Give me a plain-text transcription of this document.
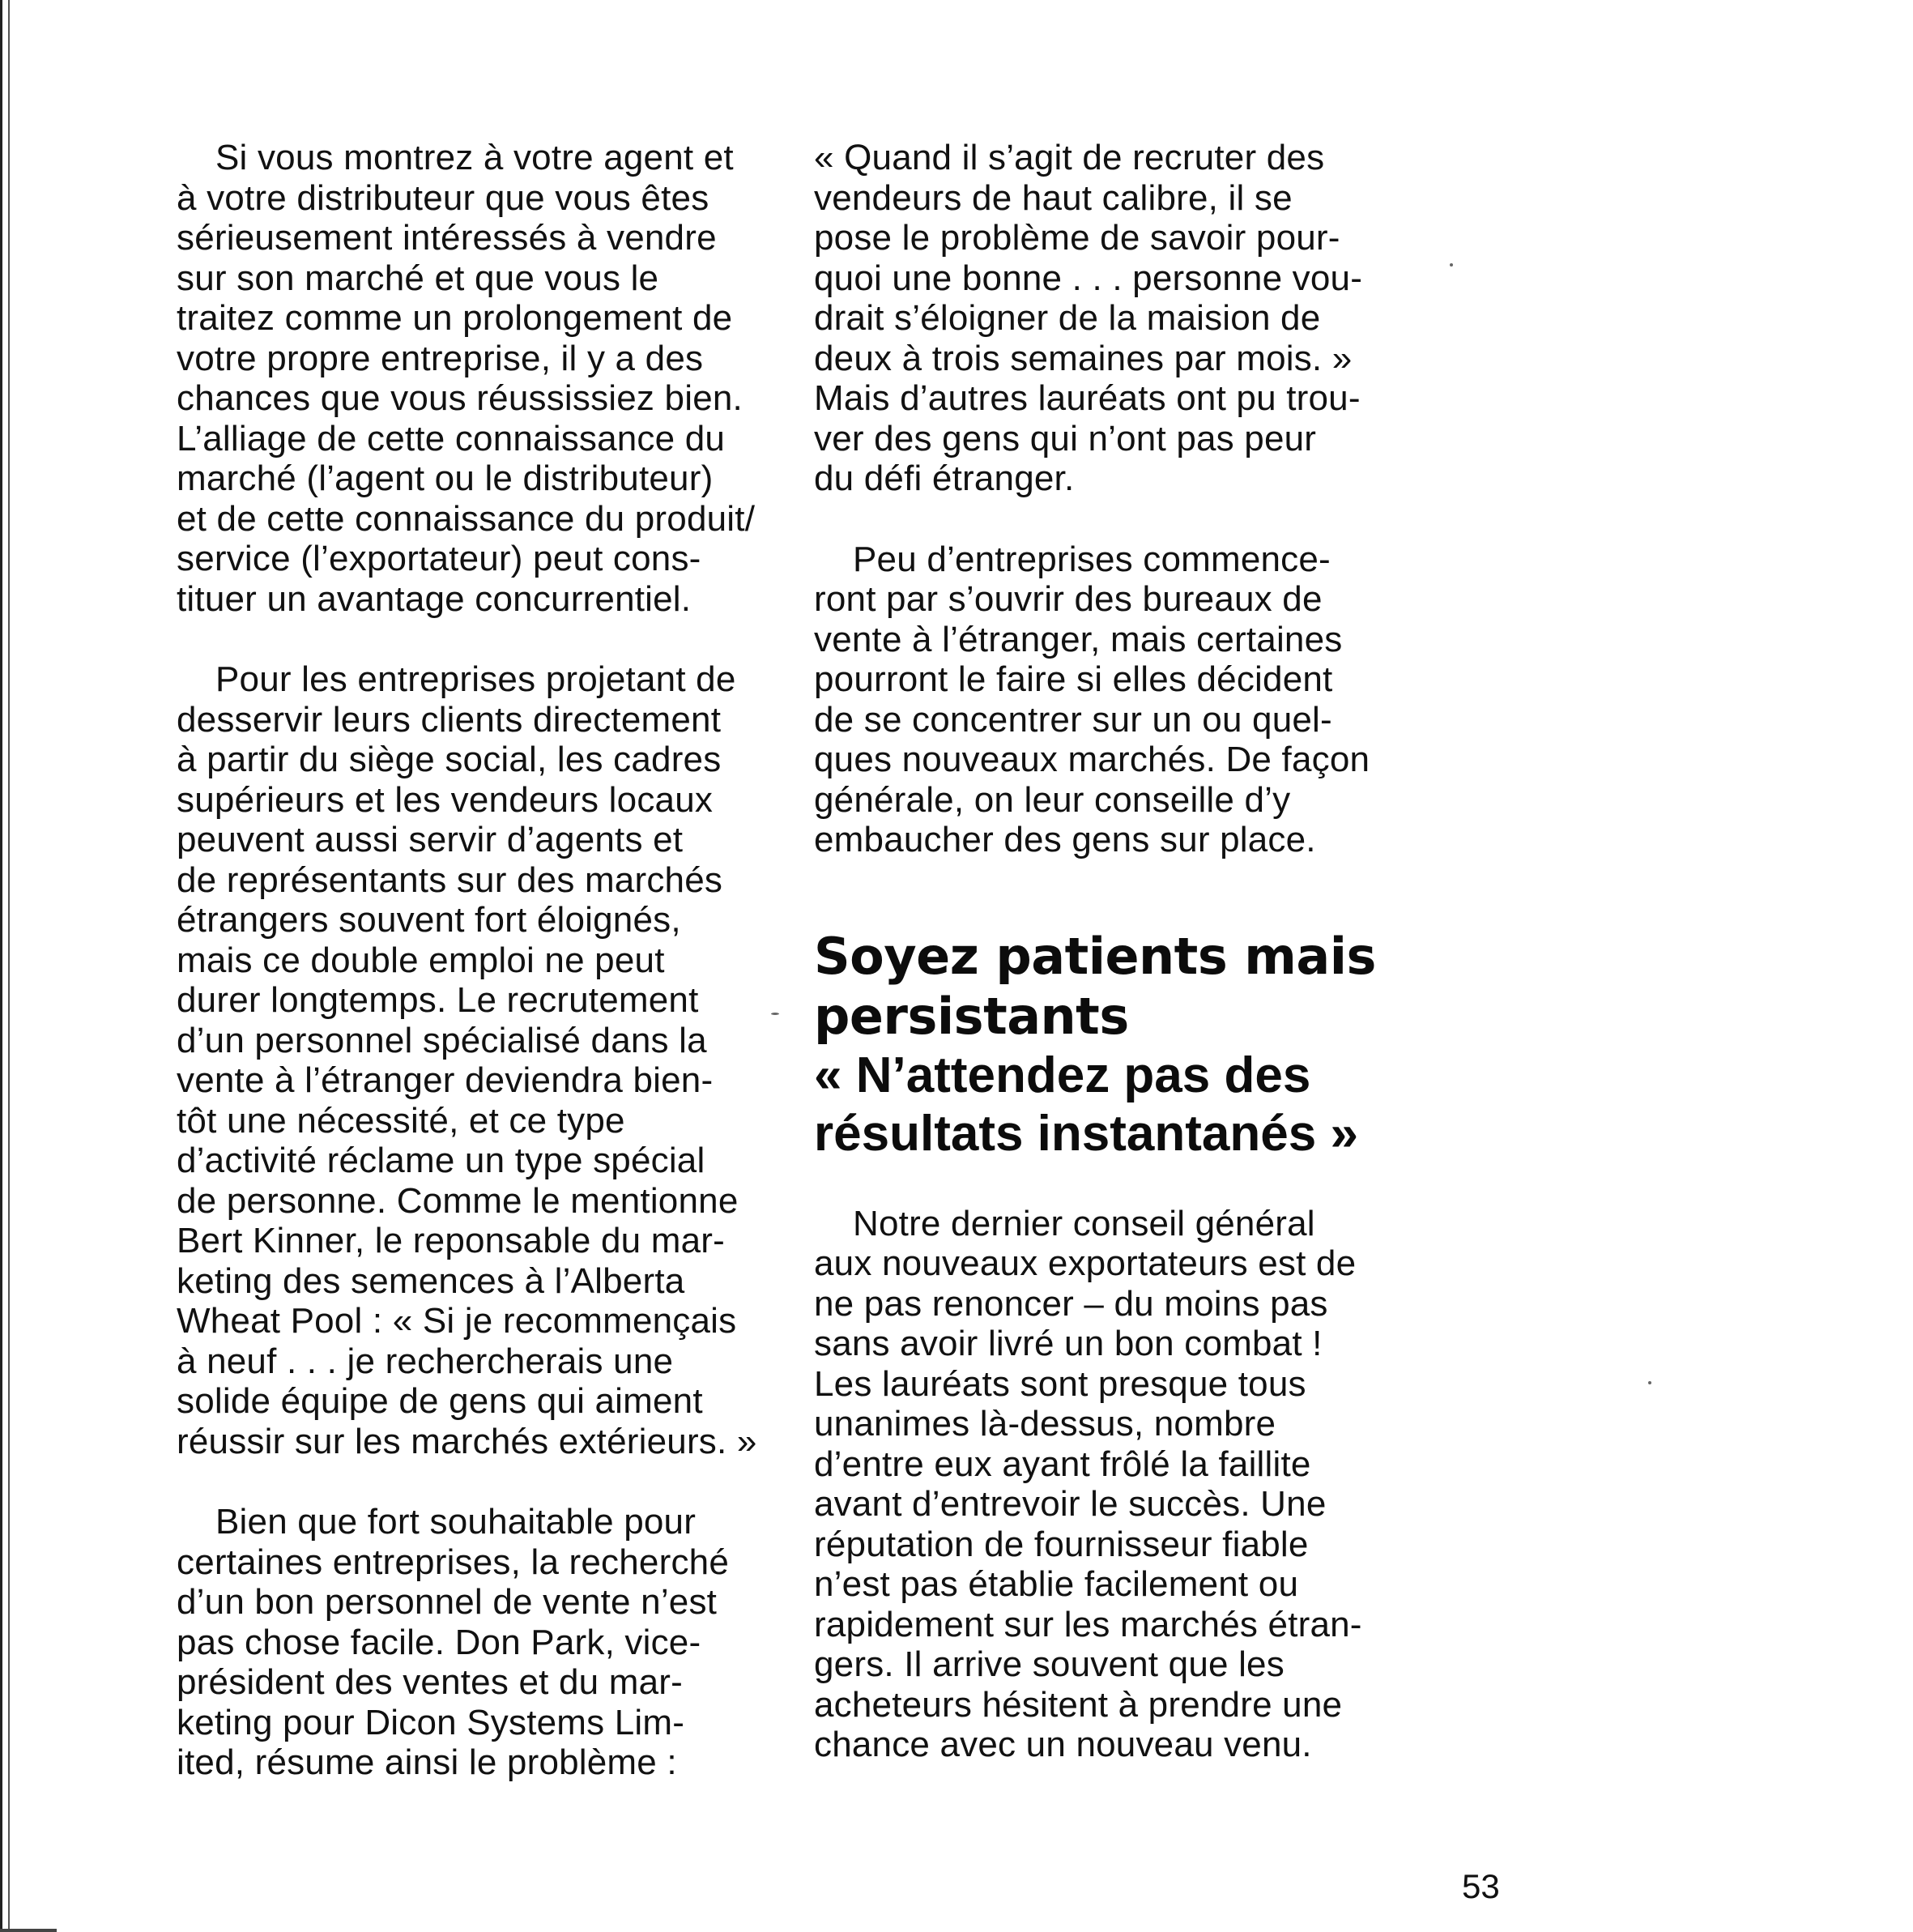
Si vous montrez à votre agent et
à votre distributeur que vous êtes
sérieusement intéressés à vendre
sur son marché et que vous le
traitez comme un prolongement de
votre propre entreprise, il y a des
chances que vous réussissiez bien.
L’alliage de cette connaissance du
marché (l’agent ou le distributeur)
et de cette connaissance du produit/
service (l’exportateur) peut cons-
tituer un avantage concurrentiel.

Pour les entreprises projetant de
desservir leurs clients directement
à partir du siège social, les cadres
supérieurs et les vendeurs locaux
peuvent aussi servir d’agents et
de représentants sur des marchés
étrangers souvent fort éloignés,
mais ce double emploi ne peut
durer longtemps. Le recrutement
d’un personnel spécialisé dans la
vente à l’étranger deviendra bien-
tôt une nécessité, et ce type
d’activité réclame un type spécial
de personne. Comme le mentionne
Bert Kinner, le reponsable du mar-
keting des semences à l’Alberta
Wheat Pool : « Si je recommençais
à neuf . . . je rechercherais une
solide équipe de gens qui aiment
réussir sur les marchés extérieurs. »

Bien que fort souhaitable pour
certaines entreprises, la recherché
d’un bon personnel de vente n’est
pas chose facile. Don Park, vice-
président des ventes et du mar-
keting pour Dicon Systems Lim-
ited, résume ainsi le problème :

« Quand il s’agit de recruter des
vendeurs de haut calibre, il se
pose le problème de savoir pour-
quoi une bonne . . . personne vou-
drait s’éloigner de la maision de
deux à trois semaines par mois. »
Mais d’autres lauréats ont pu trou-
ver des gens qui n’ont pas peur
du défi étranger.

Peu d’entreprises commence-
ront par s’ouvrir des bureaux de
vente à l’étranger, mais certaines
pourront le faire si elles décident
de se concentrer sur un ou quel-
ques nouveaux marchés. De façon
générale, on leur conseille d’y
embaucher des gens sur place.

Soyez patients mais
persistants
« N’attendez pas des
résultats instantanés »

Notre dernier conseil général
aux nouveaux exportateurs est de
ne pas renoncer – du moins pas
sans avoir livré un bon combat !
Les lauréats sont presque tous
unanimes là-dessus, nombre
d’entre eux ayant frôlé la faillite
avant d’entrevoir le succès. Une
réputation de fournisseur fiable
n’est pas établie facilement ou
rapidement sur les marchés étran-
gers. Il arrive souvent que les
acheteurs hésitent à prendre une
chance avec un nouveau venu.

53
